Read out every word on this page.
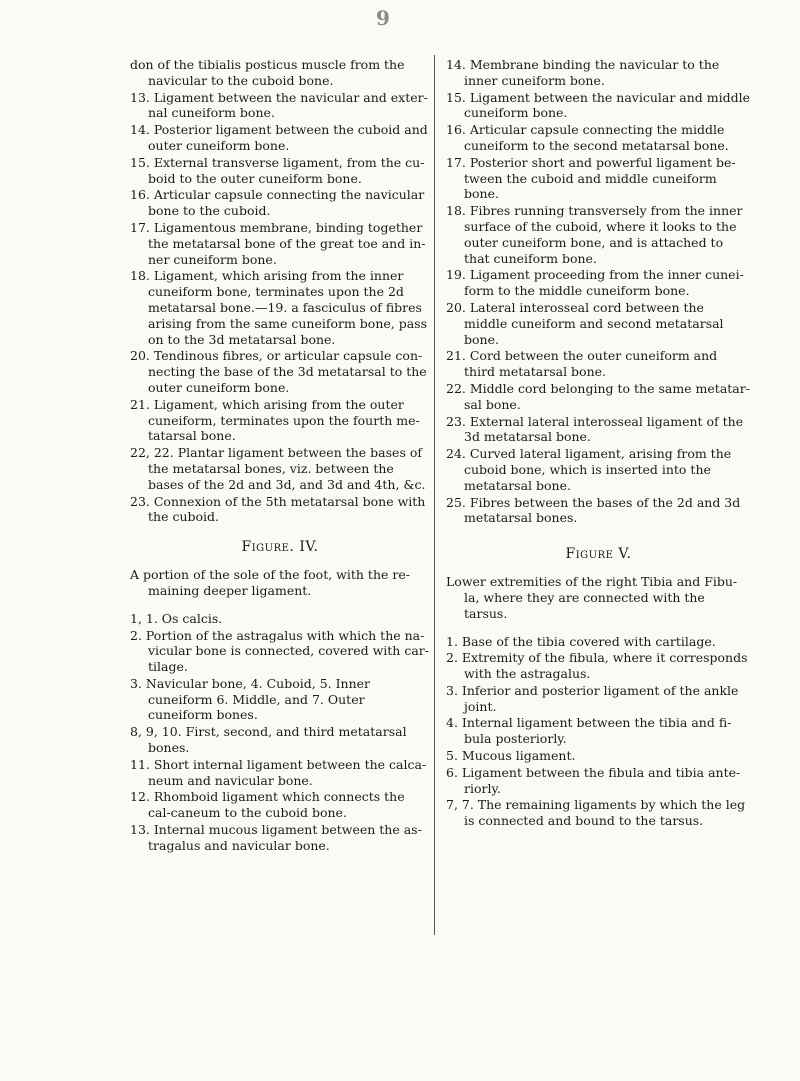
9

don of the tibialis posticus muscle from the navicular to the cuboid bone.

13. Ligament between the navicular and exter-nal cuneiform bone.

14. Posterior ligament between the cuboid and outer cuneiform bone.

15. External transverse ligament, from the cu-boid to the outer cuneiform bone.

16. Articular capsule connecting the navicular bone to the cuboid.

17. Ligamentous membrane, binding together the metatarsal bone of the great toe and in-ner cuneiform bone.

18. Ligament, which arising from the inner cuneiform bone, terminates upon the 2d metatarsal bone.—19. a fasciculus of fibres arising from the same cuneiform bone, pass on to the 3d metatarsal bone.

20. Tendinous fibres, or articular capsule con-necting the base of the 3d metatarsal to the outer cuneiform bone.

21. Ligament, which arising from the outer cuneiform, terminates upon the fourth me-tatarsal bone.

22, 22. Plantar ligament between the bases of the metatarsal bones, viz. between the bases of the 2d and 3d, and 3d and 4th, &c.

23. Connexion of the 5th metatarsal bone with the cuboid.

Figure. IV.

A portion of the sole of the foot, with the re-maining deeper ligament.

1, 1. Os calcis.

2. Portion of the astragalus with which the na-vicular bone is connected, covered with car-tilage.

3. Navicular bone, 4. Cuboid, 5. Inner cuneiform 6. Middle, and 7. Outer cuneiform bones.

8, 9, 10. First, second, and third metatarsal bones.

11. Short internal ligament between the calca-neum and navicular bone.

12. Rhomboid ligament which connects the cal-caneum to the cuboid bone.

13. Internal mucous ligament between the as-tragalus and navicular bone.

14. Membrane binding the navicular to the inner cuneiform bone.

15. Ligament between the navicular and middle cuneiform bone.

16. Articular capsule connecting the middle cuneiform to the second metatarsal bone.

17. Posterior short and powerful ligament be-tween the cuboid and middle cuneiform bone.

18. Fibres running transversely from the inner surface of the cuboid, where it looks to the outer cuneiform bone, and is attached to that cuneiform bone.

19. Ligament proceeding from the inner cunei-form to the middle cuneiform bone.

20. Lateral interosseal cord between the middle cuneiform and second metatarsal bone.

21. Cord between the outer cuneiform and third metatarsal bone.

22. Middle cord belonging to the same metatar-sal bone.

23. External lateral interosseal ligament of the 3d metatarsal bone.

24. Curved lateral ligament, arising from the cuboid bone, which is inserted into the metatarsal bone.

25. Fibres between the bases of the 2d and 3d metatarsal bones.

Figure V.

Lower extremities of the right Tibia and Fibu-la, where they are connected with the tarsus.

1. Base of the tibia covered with cartilage.

2. Extremity of the fibula, where it corresponds with the astragalus.

3. Inferior and posterior ligament of the ankle joint.

4. Internal ligament between the tibia and fi-bula posteriorly.

5. Mucous ligament.

6. Ligament between the fibula and tibia ante-riorly.

7, 7. The remaining ligaments by which the leg is connected and bound to the tarsus.
